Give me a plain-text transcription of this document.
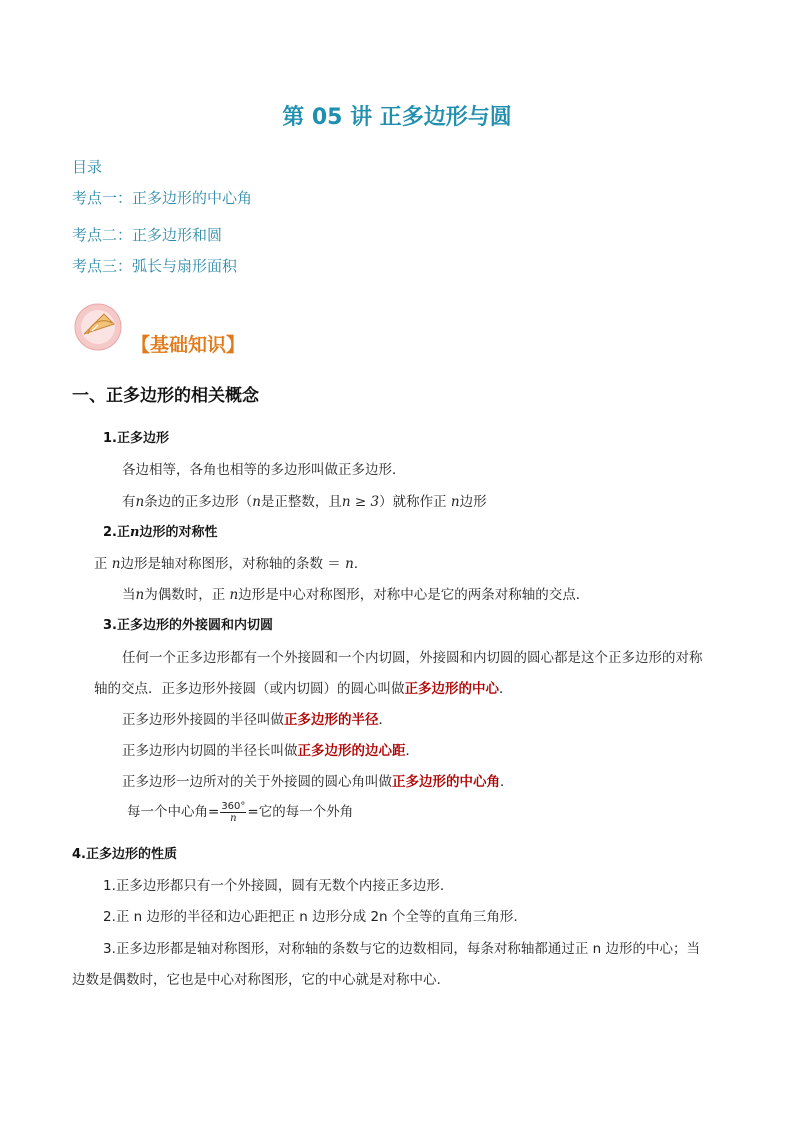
第 05 讲 正多边形与圆
目录
考点一：正多边形的中心角
考点二：正多边形和圆
考点三：弧长与扇形面积
【基础知识】
一、正多边形的相关概念
1.正多边形
各边相等，各角也相等的多边形叫做正多边形．
有n条边的正多边形（n是正整数，且n ≥ 3）就称作正 n边形
2.正n边形的对称性
正 n边形是轴对称图形，对称轴的条数 ＝ n.
当n为偶数时，正 n边形是中心对称图形，对称中心是它的两条对称轴的交点．
3.正多边形的外接圆和内切圆
任何一个正多边形都有一个外接圆和一个内切圆，外接圆和内切圆的圆心都是这个正多边形的对称
轴的交点．正多边形外接圆（或内切圆）的圆心叫做正多边形的中心．
正多边形外接圆的半径叫做正多边形的半径．
正多边形内切圆的半径长叫做正多边形的边心距．
正多边形一边所对的关于外接圆的圆心角叫做正多边形的中心角．
每一个中心角= $\frac{360^\circ}{n}$ =它的每一个外角
4.正多边形的性质
1.正多边形都只有一个外接圆，圆有无数个内接正多边形.
2.正 n 边形的半径和边心距把正 n 边形分成 2n 个全等的直角三角形.
3.正多边形都是轴对称图形，对称轴的条数与它的边数相同，每条对称轴都通过正 n 边形的中心；当
边数是偶数时，它也是中心对称图形，它的中心就是对称中心.
